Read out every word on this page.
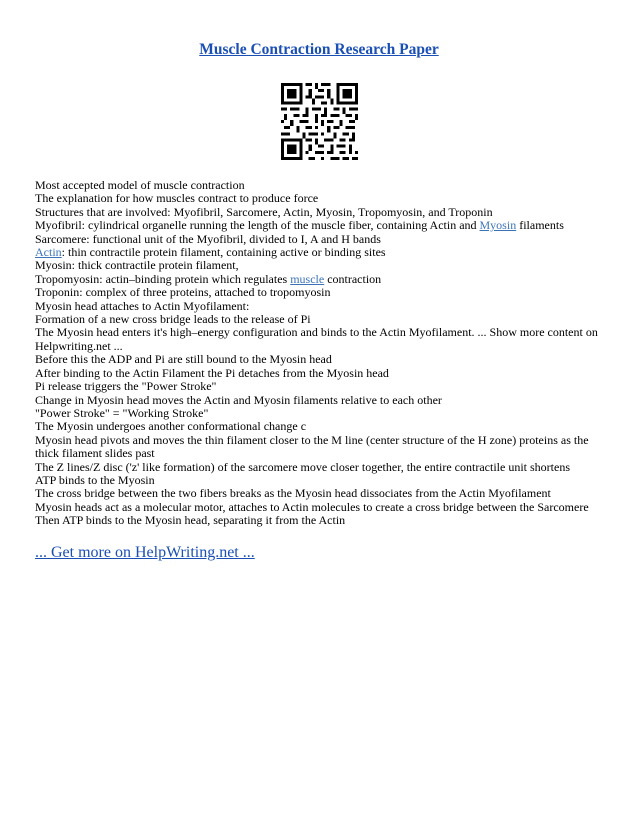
Muscle Contraction Research Paper
Most accepted model of muscle contraction
The explanation for how muscles contract to produce force
Structures that are involved: Myofibril, Sarcomere, Actin, Myosin, Tropomyosin, and Troponin
Myofibril: cylindrical organelle running the length of the muscle fiber, containing Actin and Myosin filaments
Sarcomere: functional unit of the Myofibril, divided to I, A and H bands
Actin: thin contractile protein filament, containing active or binding sites
Myosin: thick contractile protein filament,
Tropomyosin: actin–binding protein which regulates muscle contraction
Troponin: complex of three proteins, attached to tropomyosin
Myosin head attaches to Actin Myofilament:
Formation of a new cross bridge leads to the release of Pi
The Myosin head enters it's high–energy configuration and binds to the Actin Myofilament. ... Show more content on Helpwriting.net ...
Before this the ADP and Pi are still bound to the Myosin head
After binding to the Actin Filament the Pi detaches from the Myosin head
Pi release triggers the "Power Stroke"
Change in Myosin head moves the Actin and Myosin filaments relative to each other
"Power Stroke" = "Working Stroke"
The Myosin undergoes another conformational change c
Myosin head pivots and moves the thin filament closer to the M line (center structure of the H zone) proteins as the thick filament slides past
The Z lines/Z disc ('z' like formation) of the sarcomere move closer together, the entire contractile unit shortens
ATP binds to the Myosin
The cross bridge between the two fibers breaks as the Myosin head dissociates from the Actin Myofilament
Myosin heads act as a molecular motor, attaches to Actin molecules to create a cross bridge between the Sarcomere
Then ATP binds to the Myosin head, separating it from the Actin
... Get more on HelpWriting.net ...
